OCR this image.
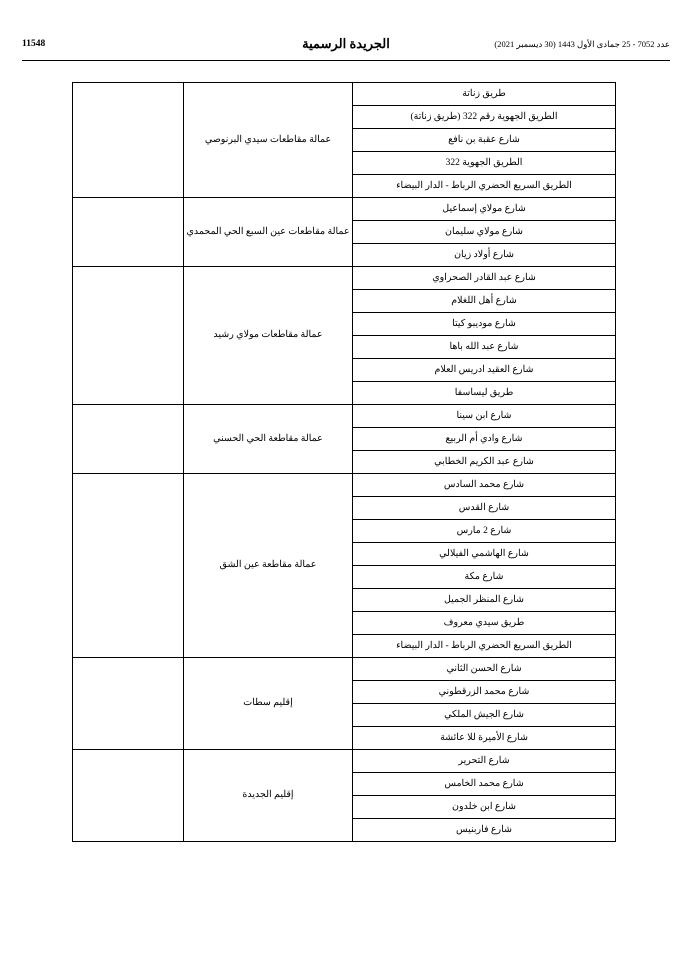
عدد 7052 - 25 جمادى الأول 1443 (30 ديسمبر 2021)
الجريدة الرسمية
11548
طريق زناتة	عمالة مقاطعات سيدي البرنوصي	

الطريق الجهوية رقم 322 (طريق زناتة)		
شارع عقبة بن نافع		
الطريق الجهوية 322		
الطريق السريع الحضري الرباط - الدار البيضاء		
شارع مولاي إسماعيل	عمالة مقاطعات عين السبع الحي المحمدي	

شارع مولاي سليمان		
شارع أولاد زيان		
شارع عبد القادر الصحراوي	عمالة مقاطعات مولاي رشيد	

شارع أهل اللغلام		
شارع موديبو كيتا		
شارع عبد الله باها		
شارع العقيد ادريس العلام		
طريق ليساسفا		
شارع ابن سينا	عمالة مقاطعة الحي الحسني	

شارع وادي أم الربيع		
شارع عبد الكريم الخطابي		
شارع محمد السادس	عمالة مقاطعة عين الشق	

شارع القدس		
شارع 2 مارس		
شارع الهاشمي الفيلالي		
شارع مكة		
شارع المنظر الجميل		
طريق سيدي معروف		
الطريق السريع الحضري الرباط - الدار البيضاء		
شارع الحسن الثاني	إقليم سطات	

شارع محمد الزرقطوني		
شارع الجيش الملكي		
شارع الأميرة للا عائشة		
شارع التحرير	إقليم الجديدة	

شارع محمد الخامس		
شارع ابن خلدون		
شارع فاربنيس		
